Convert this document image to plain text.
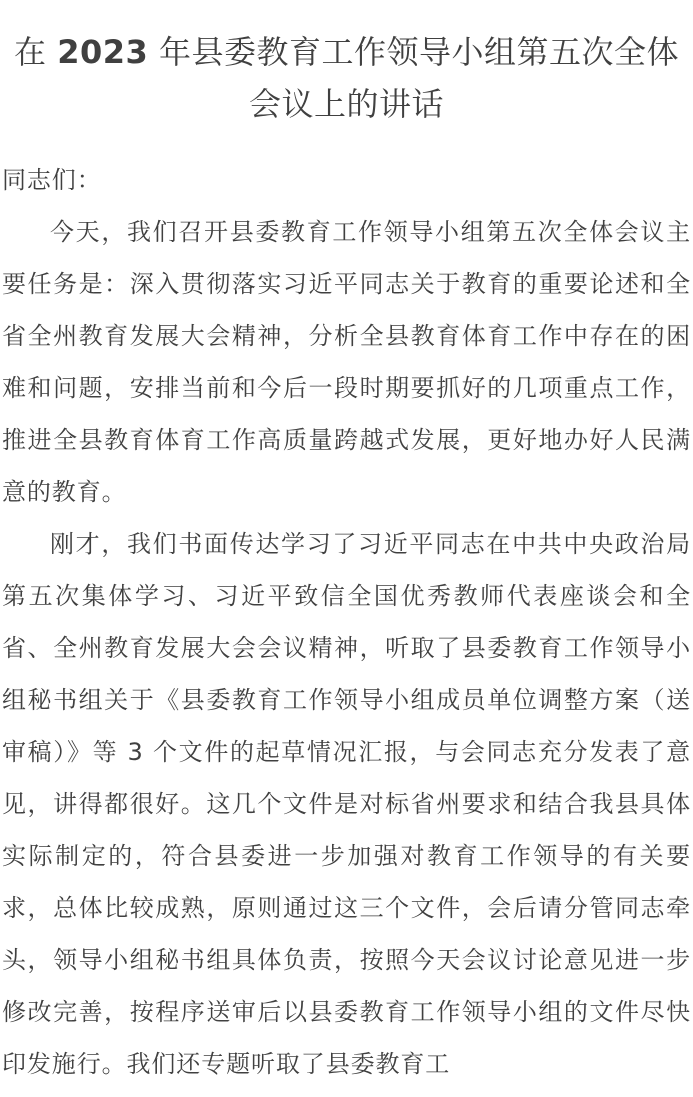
在 2023 年县委教育工作领导小组第五次全体会议上的讲话

同志们：

今天，我们召开县委教育工作领导小组第五次全体会议主要任务是：深入贯彻落实习近平同志关于教育的重要论述和全省全州教育发展大会精神，分析全县教育体育工作中存在的困难和问题，安排当前和今后一段时期要抓好的几项重点工作，推进全县教育体育工作高质量跨越式发展，更好地办好人民满意的教育。

刚才，我们书面传达学习了习近平同志在中共中央政治局第五次集体学习、习近平致信全国优秀教师代表座谈会和全省、全州教育发展大会会议精神，听取了县委教育工作领导小组秘书组关于《县委教育工作领导小组成员单位调整方案（送审稿）》等 3 个文件的起草情况汇报，与会同志充分发表了意见，讲得都很好。这几个文件是对标省州要求和结合我县具体实际制定的，符合县委进一步加强对教育工作领导的有关要求，总体比较成熟，原则通过这三个文件，会后请分管同志牵头，领导小组秘书组具体负责，按照今天会议讨论意见进一步修改完善，按程序送审后以县委教育工作领导小组的文件尽快印发施行。我们还专题听取了县委教育工
